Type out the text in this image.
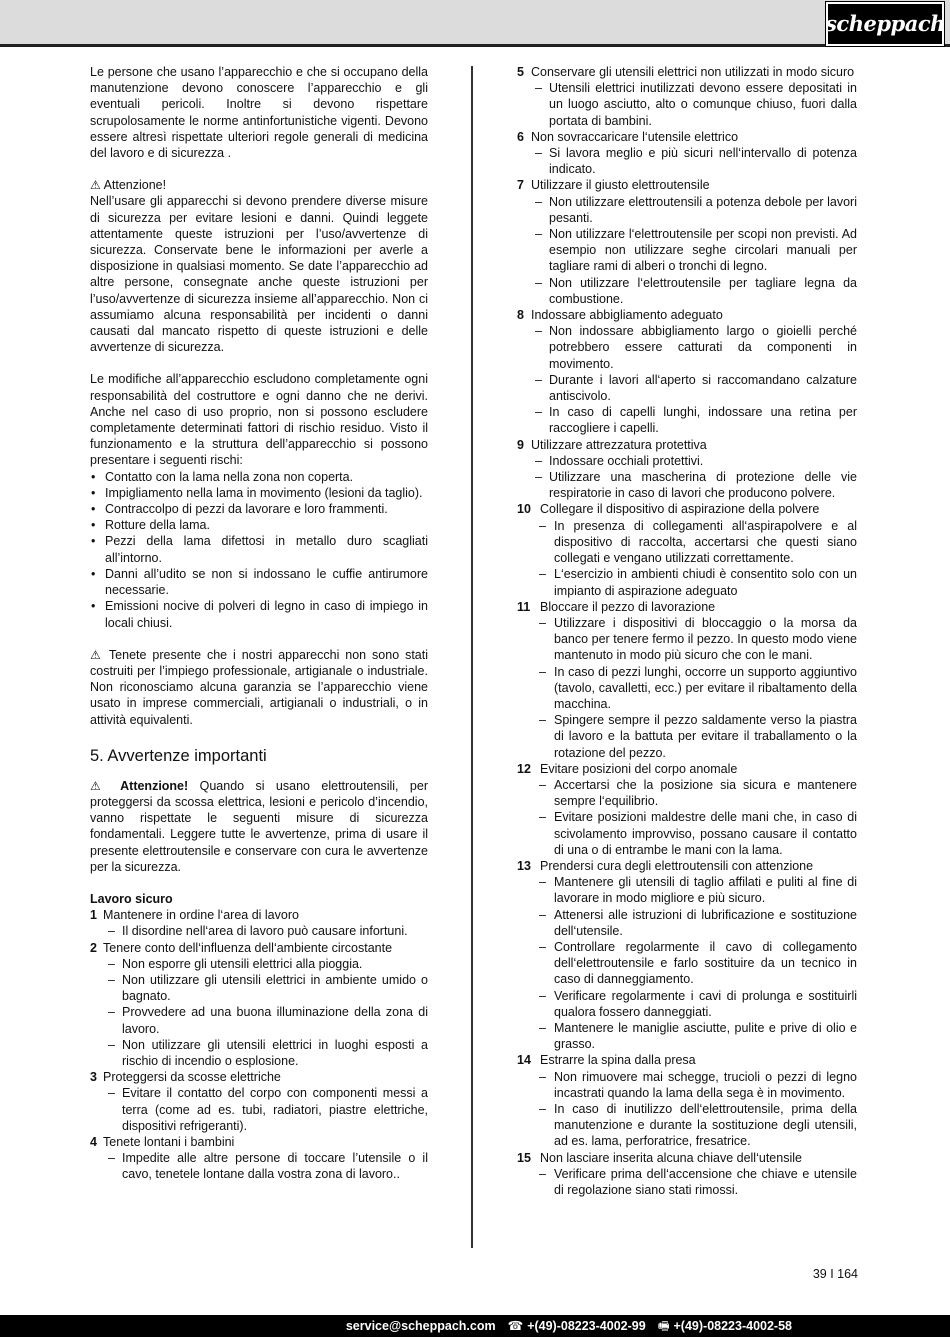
scheppach

Le persone che usano l’apparecchio e che si occupano della manutenzione devono conoscere l’apparecchio e gli eventuali pericoli. Inoltre si devono rispettare scrupolosamente le norme antinfortunistiche vigenti. Devono essere altresì rispettate ulteriori regole generali di medicina del lavoro e di sicurezza .

⚠ Attenzione!

Nell’usare gli apparecchi si devono prendere diverse misure di sicurezza per evitare lesioni e danni. Quindi leggete attentamente queste istruzioni per l’uso/avvertenze di sicurezza. Conservate bene le informazioni per averle a disposizione in qualsiasi momento. Se date l’apparecchio ad altre persone, consegnate anche queste istruzioni per l’uso/avvertenze di sicurezza insieme all’apparecchio. Non ci assumiamo alcuna responsabilità per incidenti o danni causati dal mancato rispetto di queste istruzioni e delle avvertenze di sicurezza.

Le modifiche all’apparecchio escludono completamente ogni responsabilità del costruttore e ogni danno che ne derivi. Anche nel caso di uso proprio, non si possono escludere completamente determinati fattori di rischio residuo. Visto il funzionamento e la struttura dell’apparecchio si possono presentare i seguenti rischi:

• Contatto con la lama nella zona non coperta.
• Impigliamento nella lama in movimento (lesioni da taglio).
• Contraccolpo di pezzi da lavorare e loro frammenti.
• Rotture della lama.
• Pezzi della lama difettosi in metallo duro scagliati all’intorno.
• Danni all’udito se non si indossano le cuffie antirumore necessarie.
• Emissioni nocive di polveri di legno in caso di impiego in locali chiusi.

⚠ Tenete presente che i nostri apparecchi non sono stati costruiti per l’impiego professionale, artigianale o industriale. Non riconosciamo alcuna garanzia se l’apparecchio viene usato in imprese commerciali, artigianali o industriali, o in attività equivalenti.

5. Avvertenze importanti

⚠ Attenzione! Quando si usano elettroutensili, per proteggersi da scossa elettrica, lesioni e pericolo d’incendio, vanno rispettate le seguenti misure di sicurezza fondamentali. Leggere tutte le avvertenze, prima di usare il presente elettroutensile e conservare con cura le avvertenze per la sicurezza.

Lavoro sicuro

1 Mantenere in ordine l‘area di lavoro
– Il disordine nell‘area di lavoro può causare infortuni.
2 Tenere conto dell‘influenza dell‘ambiente circostante
– Non esporre gli utensili elettrici alla pioggia.
– Non utilizzare gli utensili elettrici in ambiente umido o bagnato.
– Provvedere ad una buona illuminazione della zona di lavoro.
– Non utilizzare gli utensili elettrici in luoghi esposti a rischio di incendio o esplosione.
3 Proteggersi da scosse elettriche
– Evitare il contatto del corpo con componenti messi a terra (come ad es. tubi, radiatori, piastre elettriche, dispositivi refrigeranti).
4 Tenete lontani i bambini
– Impedite alle altre persone di toccare l’utensile o il cavo, tenetele lontane dalla vostra zona di lavoro..
5 Conservare gli utensili elettrici non utilizzati in modo sicuro
– Utensili elettrici inutilizzati devono essere depositati in un luogo asciutto, alto o comunque chiuso, fuori dalla portata di bambini.
6 Non sovraccaricare l‘utensile elettrico
– Si lavora meglio e più sicuri nell‘intervallo di potenza indicato.
7 Utilizzare il giusto elettroutensile
– Non utilizzare elettroutensili a potenza debole per lavori pesanti.
– Non utilizzare l‘elettroutensile per scopi non previsti. Ad esempio non utilizzare seghe circolari manuali per tagliare rami di alberi o tronchi di legno.
– Non utilizzare l‘elettroutensile per tagliare legna da combustione.
8 Indossare abbigliamento adeguato
– Non indossare abbigliamento largo o gioielli perché potrebbero essere catturati da componenti in movimento.
– Durante i lavori all‘aperto si raccomandano calzature antiscivolo.
– In caso di capelli lunghi, indossare una retina per raccogliere i capelli.
9 Utilizzare attrezzatura protettiva
– Indossare occhiali protettivi.
– Utilizzare una mascherina di protezione delle vie respiratorie in caso di lavori che producono polvere.
10 Collegare il dispositivo di aspirazione della polvere
– In presenza di collegamenti all‘aspirapolvere e al dispositivo di raccolta, accertarsi che questi siano collegati e vengano utilizzati correttamente.
– L‘esercizio in ambienti chiudi è consentito solo con un impianto di aspirazione adeguato
11 Bloccare il pezzo di lavorazione
– Utilizzare i dispositivi di bloccaggio o la morsa da banco per tenere fermo il pezzo. In questo modo viene mantenuto in modo più sicuro che con le mani.
– In caso di pezzi lunghi, occorre un supporto aggiuntivo (tavolo, cavalletti, ecc.) per evitare il ribaltamento della macchina.
– Spingere sempre il pezzo saldamente verso la piastra di lavoro e la battuta per evitare il traballamento o la rotazione del pezzo.
12 Evitare posizioni del corpo anomale
– Accertarsi che la posizione sia sicura e mantenere sempre l‘equilibrio.
– Evitare posizioni maldestre delle mani che, in caso di scivolamento improvviso, possano causare il contatto di una o di entrambe le mani con la lama.
13 Prendersi cura degli elettroutensili con attenzione
– Mantenere gli utensili di taglio affilati e puliti al fine di lavorare in modo migliore e più sicuro.
– Attenersi alle istruzioni di lubrificazione e sostituzione dell‘utensile.
– Controllare regolarmente il cavo di collegamento dell‘elettroutensile e farlo sostituire da un tecnico in caso di danneggiamento.
– Verificare regolarmente i cavi di prolunga e sostituirli qualora fossero danneggiati.
– Mantenere le maniglie asciutte, pulite e prive di olio e grasso.
14 Estrarre la spina dalla presa
– Non rimuovere mai schegge, trucioli o pezzi di legno incastrati quando la lama della sega è in movimento.
– In caso di inutilizzo dell‘elettroutensile, prima della manutenzione e durante la sostituzione degli utensili, ad es. lama, perforatrice, fresatrice.
15 Non lasciare inserita alcuna chiave dell‘utensile
– Verificare prima dell‘accensione che chiave e utensile di regolazione siano stati rimossi.
39 I 164
service@scheppach.com ☎ +(49)-08223-4002-99 🖷 +(49)-08223-4002-58
